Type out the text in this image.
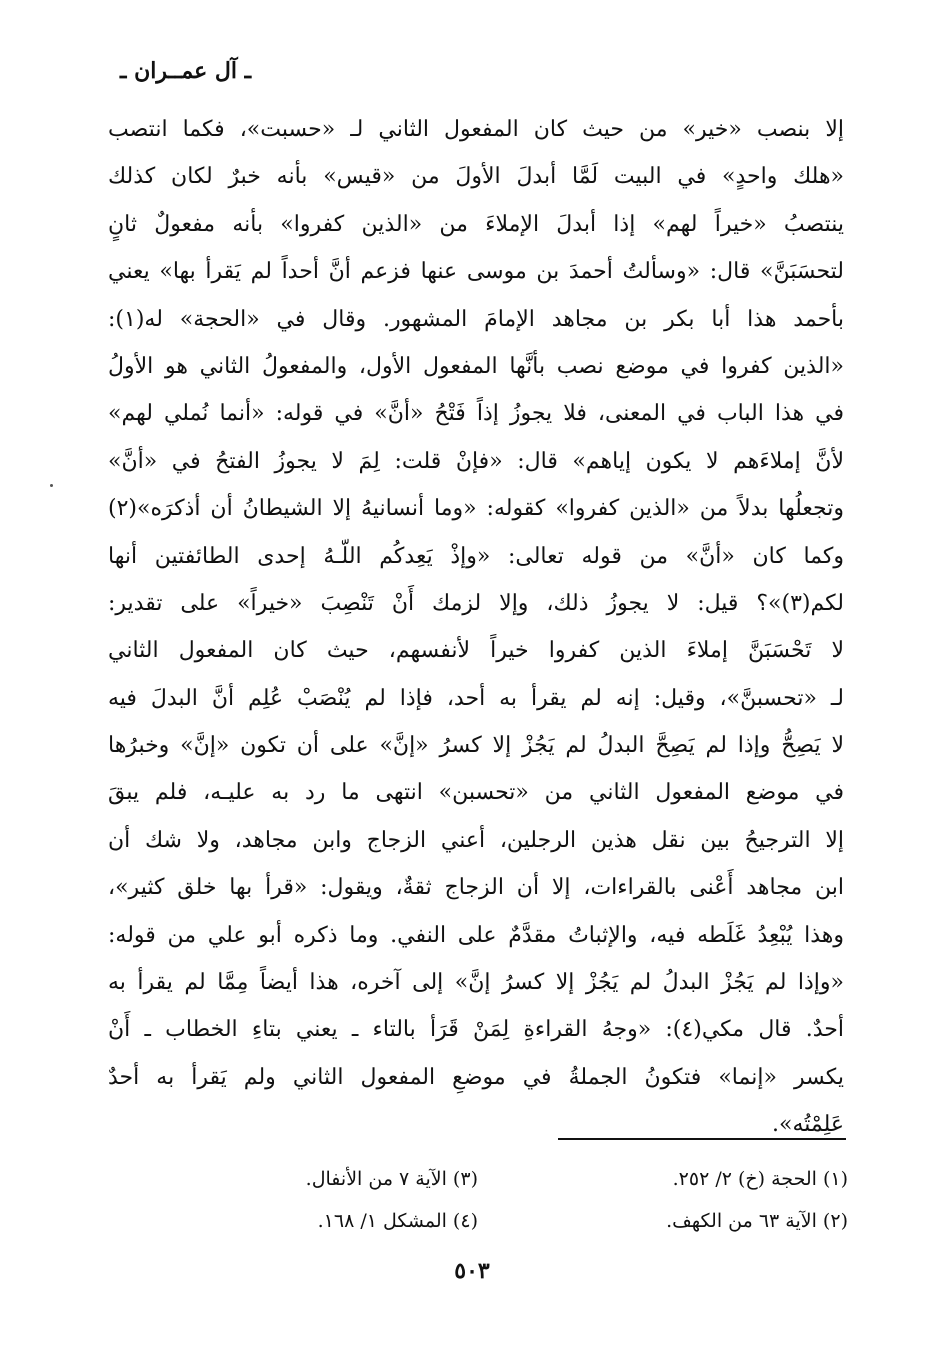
ـ آل عمــران ـ
إلا بنصب «خير» من حيث كان المفعول الثاني لـ «حسبت»، فكما انتصب
«هلك واحدٍ» في البيت لَمَّا أبدلَ الأولَ من «قيس» بأنه خبرٌ لكان كذلك
ينتصبُ «خيراً لهم» إذا أبدلَ الإملاءَ من «الذين كفروا» بأنه مفعولٌ ثانٍ
لتحسَبَنَّ» قال: «وسألتُ أحمدَ بن موسى عنها فزعم أنَّ أحداً لم يَقرأ بها» يعني
بأحمد هذا أبا بكر بن مجاهد الإمامَ المشهور. وقال في «الحجة» له(١):
«الذين كفروا في موضع نصب بأنَّها المفعول الأول، والمفعولُ الثاني هو الأولُ
في هذا الباب في المعنى، فلا يجوزُ إذاً فَتْحُ «أنَّ» في قوله: «أنما نُملي لهم»
لأنَّ إملاءَهم لا يكون إياهم» قال: «فإنْ قلت: لِمَ لا يجوزُ الفتحُ في «أنَّ»
وتجعلُها بدلاً من «الذين كفروا» كقوله: «وما أنسانيهُ إلا الشيطانُ أن أذكرَه»(٢)
وكما كان «أنَّ» من قوله تعالى: «وإذْ يَعِدكُم اللّـهُ إحدى الطائفتين أنها
لكم(٣)»؟ قيل: لا يجوزُ ذلك، وإلا لزمك أَنْ تَنْصِبَ «خيراً» على تقدير:
لا تَحْسَبَنَّ إملاءَ الذين كفروا خيراً لأنفسهم، حيث كان المفعول الثاني
لـ «تحسبنَّ»، وقيل: إنه لم يقرأ به أحد، فإذا لم يُنْصَبْ عُلِم أنَّ البدلَ فيه
لا يَصِحُّ وإذا لم يَصِحَّ البدلُ لم يَجُزْ إلا كسرُ «إنَّ» على أن تكون «إنَّ» وخبرُها
في موضع المفعول الثاني من «تحسبن» انتهى ما رد به عليـه، فلم يبقَ
إلا الترجيحُ بين نقل هذين الرجلين، أعني الزجاج وابن مجاهد، ولا شك أن
ابن مجاهد أَعْنى بالقراءات، إلا أن الزجاج ثقةٌ، ويقول: «قرأ بها خلق كثير»،
وهذا يُبْعِدُ غَلَطه فيه، والإثباتُ مقدَّمٌ على النفي. وما ذكره أبو علي من قوله:
«وإذا لم يَجُزْ البدلُ لم يَجُزْ إلا كسرُ إنَّ» إلى آخره، هذا أيضاً مِمَّا لم يقرأ به
أحدٌ. قال مكي(٤): «وجهُ القراءةِ لِمَنْ قَرَأ بالتاء ـ يعني بتاءِ الخطاب ـ أَنْ
يكسر «إنما» فتكونُ الجملةُ في موضعِ المفعول الثاني ولم يَقرأ به أحدٌ
عَلِمْتُه».
(١) الحجة (خ) ٢/ ٢٥٢.
(٣) الآية ٧ من الأنفال.
(٢) الآية ٦٣ من الكهف.
(٤) المشكل ١/ ١٦٨.
٥٠٣
